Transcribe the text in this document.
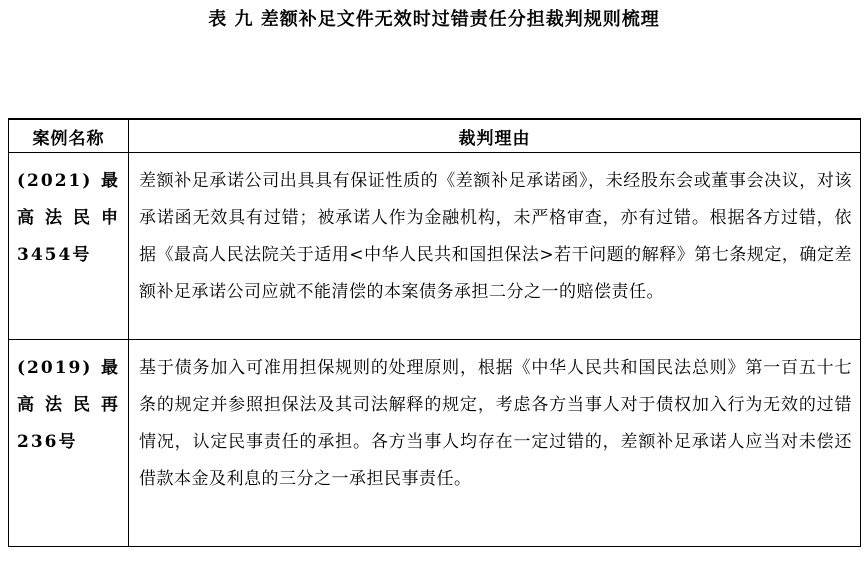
表 九 差额补足文件无效时过错责任分担裁判规则梳理
案例名称	裁判理由
(2021) 最高法民申3454号	差额补足承诺公司出具具有保证性质的《差额补足承诺函》，未经股东会或董事会决议，对该承诺函无效具有过错；被承诺人作为金融机构，未严格审查，亦有过错。根据各方过错，依据《最高人民法院关于适用<中华人民共和国担保法>若干问题的解释》第七条规定，确定差额补足承诺公司应就不能清偿的本案债务承担二分之一的赔偿责任。
(2019) 最高法民再236号	基于债务加入可准用担保规则的处理原则，根据《中华人民共和国民法总则》第一百五十七条的规定并参照担保法及其司法解释的规定，考虑各方当事人对于债权加入行为无效的过错情况，认定民事责任的承担。各方当事人均存在一定过错的，差额补足承诺人应当对未偿还借款本金及利息的三分之一承担民事责任。
